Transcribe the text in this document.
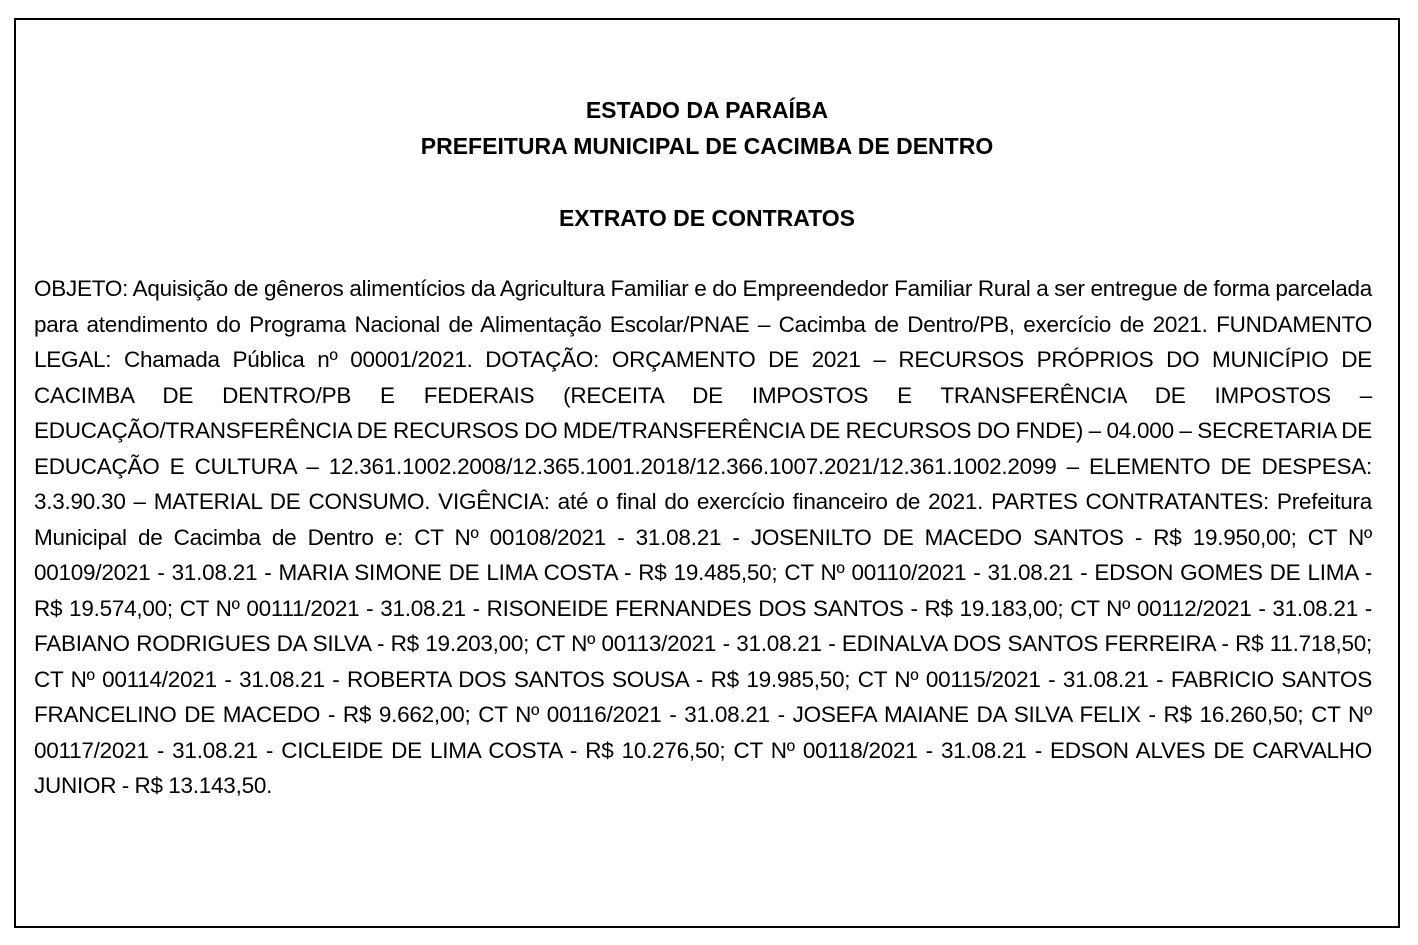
ESTADO DA PARAÍBA
PREFEITURA MUNICIPAL DE CACIMBA DE DENTRO
EXTRATO DE CONTRATOS
OBJETO: Aquisição de gêneros alimentícios da Agricultura Familiar e do Empreendedor Familiar Rural a ser entregue de forma parcelada para atendimento do Programa Nacional de Alimentação Escolar/PNAE – Cacimba de Dentro/PB, exercício de 2021. FUNDAMENTO LEGAL: Chamada Pública nº 00001/2021. DOTAÇÃO: ORÇAMENTO DE 2021 – RECURSOS PRÓPRIOS DO MUNICÍPIO DE CACIMBA DE DENTRO/PB E FEDERAIS (RECEITA DE IMPOSTOS E TRANSFERÊNCIA DE IMPOSTOS – EDUCAÇÃO/TRANSFERÊNCIA DE RECURSOS DO MDE/TRANSFERÊNCIA DE RECURSOS DO FNDE) – 04.000 – SECRETARIA DE EDUCAÇÃO E CULTURA – 12.361.1002.2008/12.365.1001.2018/12.366.1007.2021/12.361.1002.2099 – ELEMENTO DE DESPESA: 3.3.90.30 – MATERIAL DE CONSUMO. VIGÊNCIA: até o final do exercício financeiro de 2021. PARTES CONTRATANTES: Prefeitura Municipal de Cacimba de Dentro e: CT Nº 00108/2021 - 31.08.21 - JOSENILTO DE MACEDO SANTOS - R$ 19.950,00; CT Nº 00109/2021 - 31.08.21 - MARIA SIMONE DE LIMA COSTA - R$ 19.485,50; CT Nº 00110/2021 - 31.08.21 - EDSON GOMES DE LIMA - R$ 19.574,00; CT Nº 00111/2021 - 31.08.21 - RISONEIDE FERNANDES DOS SANTOS - R$ 19.183,00; CT Nº 00112/2021 - 31.08.21 - FABIANO RODRIGUES DA SILVA - R$ 19.203,00; CT Nº 00113/2021 - 31.08.21 - EDINALVA DOS SANTOS FERREIRA - R$ 11.718,50; CT Nº 00114/2021 - 31.08.21 - ROBERTA DOS SANTOS SOUSA - R$ 19.985,50; CT Nº 00115/2021 - 31.08.21 - FABRICIO SANTOS FRANCELINO DE MACEDO - R$ 9.662,00; CT Nº 00116/2021 - 31.08.21 - JOSEFA MAIANE DA SILVA FELIX - R$ 16.260,50; CT Nº 00117/2021 - 31.08.21 - CICLEIDE DE LIMA COSTA - R$ 10.276,50; CT Nº 00118/2021 - 31.08.21 - EDSON ALVES DE CARVALHO JUNIOR - R$ 13.143,50.
